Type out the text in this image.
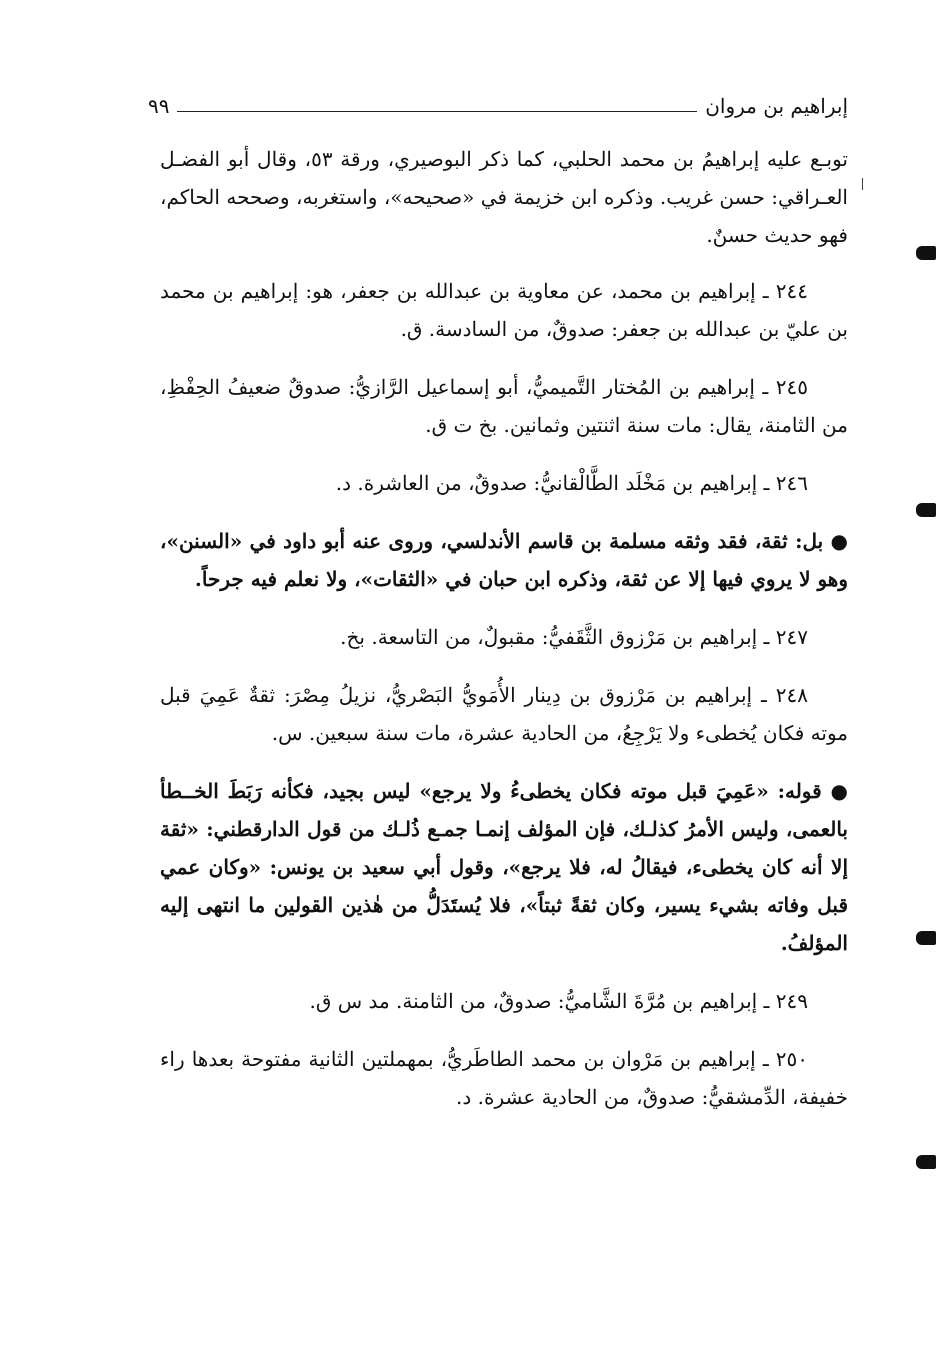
إبراهيم بن مروان
٩٩

توبـع عليه إبراهيمُ بن محمد الحلبي، كما ذكر البوصيري، ورقة ٥٣، وقال أبو الفضـل العـراقي: حسن غريب. وذكره ابن خزيمة في «صحيحه»، واستغربه، وصححه الحاكم، فهو حديث حسنٌ.

٢٤٤ ـ إبراهيم بن محمد، عن معاوية بن عبدالله بن جعفر، هو: إبراهيم بن محمد بن عليّ بن عبدالله بن جعفر: صدوقٌ، من السادسة. ق.

٢٤٥ ـ إبراهيم بن المُختار التَّميميُّ، أبو إسماعيل الرَّازيُّ: صدوقٌ ضعيفُ الحِفْظِ، من الثامنة، يقال: مات سنة اثنتين وثمانين. بخ ت ق.

٢٤٦ ـ إبراهيم بن مَخْلَد الطَّالْقانيُّ: صدوقٌ، من العاشرة. د.

● بل: ثقة، فقد وثقه مسلمة بن قاسم الأندلسي، وروى عنه أبو داود في «السنن»، وهو لا يروي فيها إلا عن ثقة، وذكره ابن حبان في «الثقات»، ولا نعلم فيه جرحاً.

٢٤٧ ـ إبراهيم بن مَرْزوق الثَّقَفيُّ: مقبولٌ، من التاسعة. بخ.

٢٤٨ ـ إبراهيم بن مَرْزوق بن دِينار الأُمَويُّ البَصْريُّ، نزيلُ مِصْرَ: ثقةٌ عَمِيَ قبل موته فكان يُخطىء ولا يَرْجِعُ، من الحادية عشرة، مات سنة سبعين. س.

● قوله: «عَمِيَ قبل موته فكان يخطىءُ ولا يرجع» ليس بجيد، فكأنه رَبَطَ الخــطأ بالعمى، وليس الأمرُ كذلـك، فإن المؤلف إنمـا جمـع ذُلـك من قول الدارقطني: «ثقة إلا أنه كان يخطىء، فيقالُ له، فلا يرجع»، وقول أبي سعيد بن يونس: «وكان عمي قبل وفاته بشيء يسير، وكان ثقةً ثبتاً»، فلا يُستَدَلُّ من هٰذين القولين ما انتهى إليه المؤلفُ.

٢٤٩ ـ إبراهيم بن مُرَّةَ الشَّاميُّ: صدوقٌ، من الثامنة. مد س ق.

٢٥٠ ـ إبراهيم بن مَرْوان بن محمد الطاطَريُّ، بمهملتين الثانية مفتوحة بعدها راء خفيفة، الدِّمشقيُّ: صدوقٌ، من الحادية عشرة. د.
